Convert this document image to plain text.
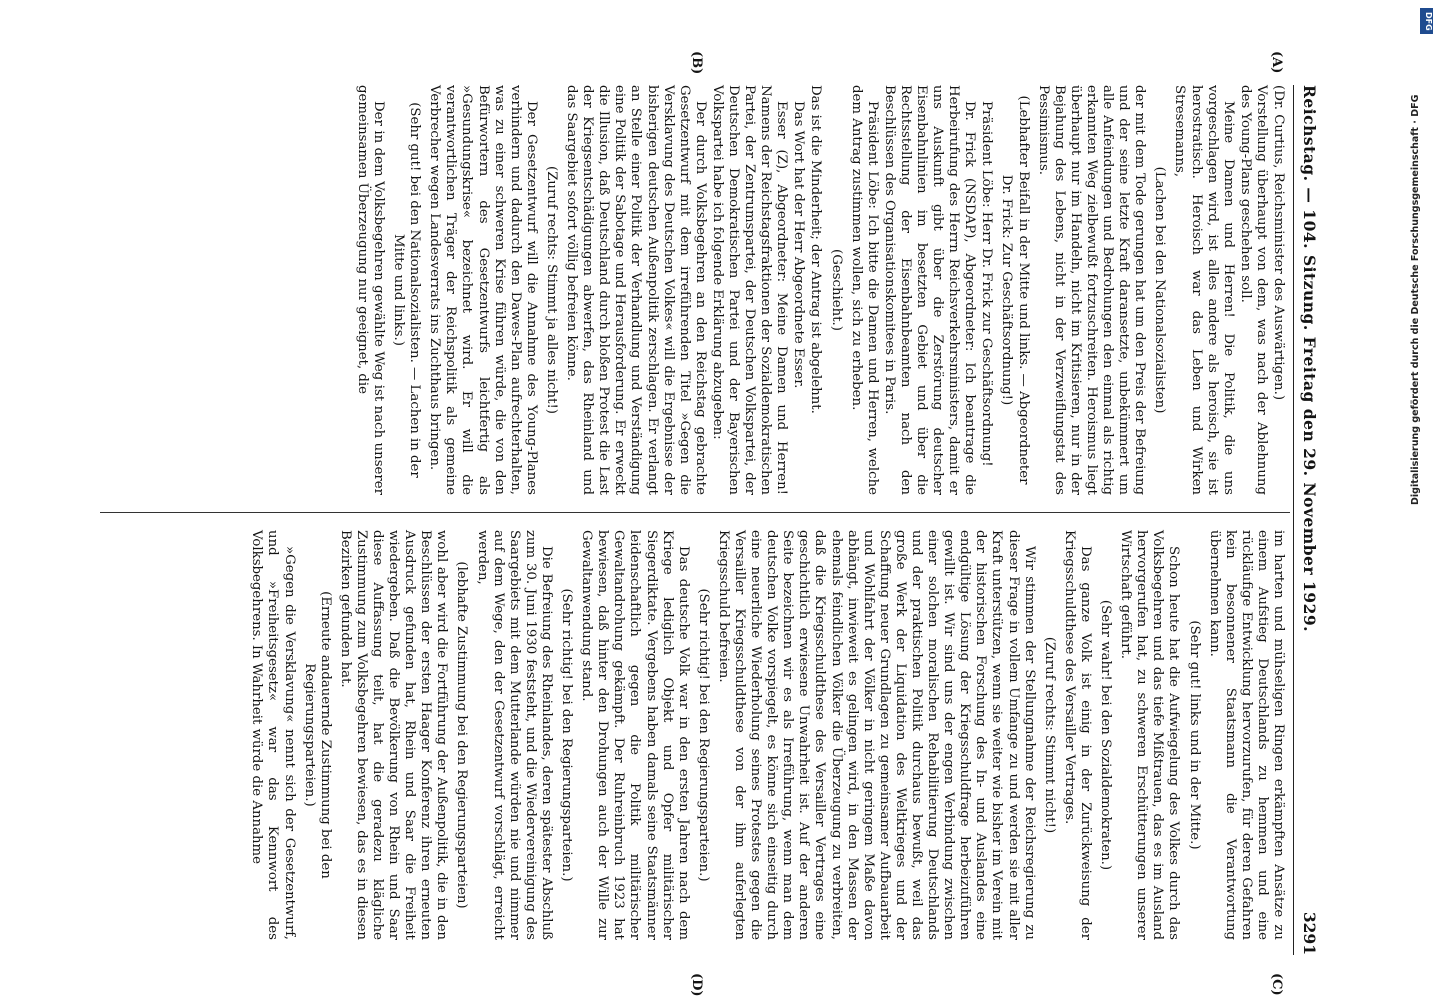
Reichstag. — 104. Sitzung. Freitag den 29. November 1929.
3291

(Dr. Curtius, Reichsminister des Auswärtigen.)

Vorstellung überhaupt von dem, was nach der Ablehnung des Young-Plans geschehen soll.

Meine Damen und Herren! Die Politik, die uns vorgeschlagen wird, ist alles andere als heroisch, sie ist herostratisch. Heroisch war das Leben und Wirken Stresemanns,

(Lachen bei den Nationalsozialisten)

der mit dem Tode gerungen hat um den Preis der Befreiung und der seine letzte Kraft daransetzte, unbekümmert um alle Anfeindungen und Bedrohungen den einmal als richtig erkannten Weg zielbewußt fortzuschreiten. Heroismus liegt überhaupt nur im Handeln, nicht im Kritisieren, nur in der Bejahung des Lebens, nicht in der Verzweiflungstat des Pessimismus.

(Lebhafter Beifall in der Mitte und links. — Abgeordneter Dr. Frick: Zur Geschäftsordnung!)

Präsident Löbe: Herr Dr. Frick zur Geschäftsordnung!

Dr. Frick (NSDAP), Abgeordneter: Ich beantrage die Herbeirufung des Herrn Reichsverkehrsministers, damit er uns Auskunft gibt über die Zerstörung deutscher Eisenbahnlinien im besetzten Gebiet und über die Rechtsstellung der Eisenbahnbeamten nach den Beschlüssen des Organisationskomitees in Paris.

Präsident Löbe: Ich bitte die Damen und Herren, welche dem Antrag zustimmen wollen, sich zu erheben.

(Geschieht.)

Das ist die Minderheit; der Antrag ist abgelehnt.

Das Wort hat der Herr Abgeordnete Esser.

Esser (Z), Abgeordneter: Meine Damen und Herren! Namens der Reichstagsfraktionen der Sozialdemokratischen Partei, der Zentrumspartei, der Deutschen Volkspartei, der Deutschen Demokratischen Partei und der Bayerischen Volkspartei habe ich folgende Erklärung abzugeben:

Der durch Volksbegehren an den Reichstag gebrachte Gesetzentwurf mit dem irreführenden Titel »Gegen die Versklavung des Deutschen Volkes« will die Ergebnisse der bisherigen deutschen Außenpolitik zerschlagen. Er verlangt an Stelle einer Politik der Verhandlung und Verständigung eine Politik der Sabotage und Herausforderung. Er erweckt die Illusion, daß Deutschland durch bloßen Protest die Last der Kriegsentschädigungen abwerfen, das Rheinland und das Saargebiet sofort völlig befreien könne.

(Zuruf rechts: Stimmt ja alles nicht!)

Der Gesetzentwurf will die Annahme des Young-Planes verhindern und dadurch den Dawes-Plan aufrechterhalten, was zu einer schweren Krise führen würde, die von den Befürwortern des Gesetzentwurfs leichtfertig als »Gesundungskrise« bezeichnet wird. Er will die verantwortlichen Träger der Reichspolitik als gemeine Verbrecher wegen Landesverrats ins Zuchthaus bringen.

(Sehr gut! bei den Nationalsozialisten. — Lachen in der Mitte und links.)

Der in dem Volksbegehren gewählte Weg ist nach unserer gemeinsamen Überzeugung nur geeignet, die

im harten und mühseligen Ringen erkämpften Ansätze zu einem Aufstieg Deutschlands zu hemmen und eine rückläufige Entwicklung hervorzurufen, für deren Gefahren kein besonnener Staatsmann die Verantwortung übernehmen kann.

(Sehr gut! links und in der Mitte.)

Schon heute hat die Aufwiegelung des Volkes durch das Volksbegehren und das tiefe Mißtrauen, das es im Ausland hervorgerufen hat, zu schweren Erschütterungen unserer Wirtschaft geführt.

(Sehr wahr! bei den Sozialdemokraten.)

Das ganze Volk ist einig in der Zurückweisung der Kriegsschuldthese des Versailler Vertrages.

(Zuruf rechts: Stimmt nicht!)

Wir stimmen der Stellungnahme der Reichsregierung zu dieser Frage in vollem Umfange zu und werden sie mit aller Kraft unterstützen, wenn sie weiter wie bisher im Verein mit der historischen Forschung des In- und Auslandes eine endgültige Lösung der Kriegsschuldfrage herbeizuführen gewillt ist. Wir sind uns der engen Verbindung zwischen einer solchen moralischen Rehabilitierung Deutschlands und der praktischen Politik durchaus bewußt, weil das große Werk der Liquidation des Weltkrieges und der Schaffung neuer Grundlagen zu gemeinsamer Aufbauarbeit und Wohlfahrt der Völker in nicht geringem Maße davon abhängt, inwieweit es gelingen wird, in den Massen der ehemals feindlichen Völker die Überzeugung zu verbreiten, daß die Kriegsschuldthese des Versailler Vertrages eine geschichtlich erwiesene Unwahrheit ist. Auf der anderen Seite bezeichnen wir es als Irreführung, wenn man dem deutschen Volke vorspiegelt, es könne sich einseitig durch eine neuerliche Wiederholung seines Protestes gegen die Versailler Kriegsschuldthese von der ihm auferlegten Kriegsschuld befreien.

(Sehr richtig! bei den Regierungsparteien.)

Das deutsche Volk war in den ersten Jahren nach dem Kriege lediglich Objekt und Opfer militärischer Siegerdiktate. Vergebens haben damals seine Staatsmänner leidenschaftlich gegen die Politik militärischer Gewaltandrohung gekämpft. Der Ruhreinbruch 1923 hat bewiesen, daß hinter den Drohungen auch der Wille zur Gewaltanwendung stand.

(Sehr richtig! bei den Regierungsparteien.)

Die Befreiung des Rheinlandes, deren spätester Abschluß zum 30. Juni 1930 feststeht, und die Wiedervereinigung des Saargebiets mit dem Mutterlande würden nie und nimmer auf dem Wege, den der Gesetzentwurf vorschlägt, erreicht werden,

(lebhafte Zustimmung bei den Regierungsparteien)

wohl aber wird die Fortführung der Außenpolitik, die in den Beschlüssen der ersten Haager Konferenz ihren erneuten Ausdruck gefunden hat, Rhein und Saar die Freiheit wiedergeben. Daß die Bevölkerung von Rhein und Saar diese Auffassung teilt, hat die geradezu klägliche Zustimmung zum Volksbegehren bewiesen, das es in diesen Bezirken gefunden hat.

(Erneute andauernde Zustimmung bei den Regierungsparteien.)

»Gegen die Versklavung« nennt sich der Gesetzentwurf, und »Freiheitsgesetz« war das Kennwort des Volksbegehrens. In Wahrheit würde die Annahme

(A)
(B)
(C)
(D)
DFG
Digitalisierung gefördert durch die Deutsche Forschungsgemeinschaft · DFG
